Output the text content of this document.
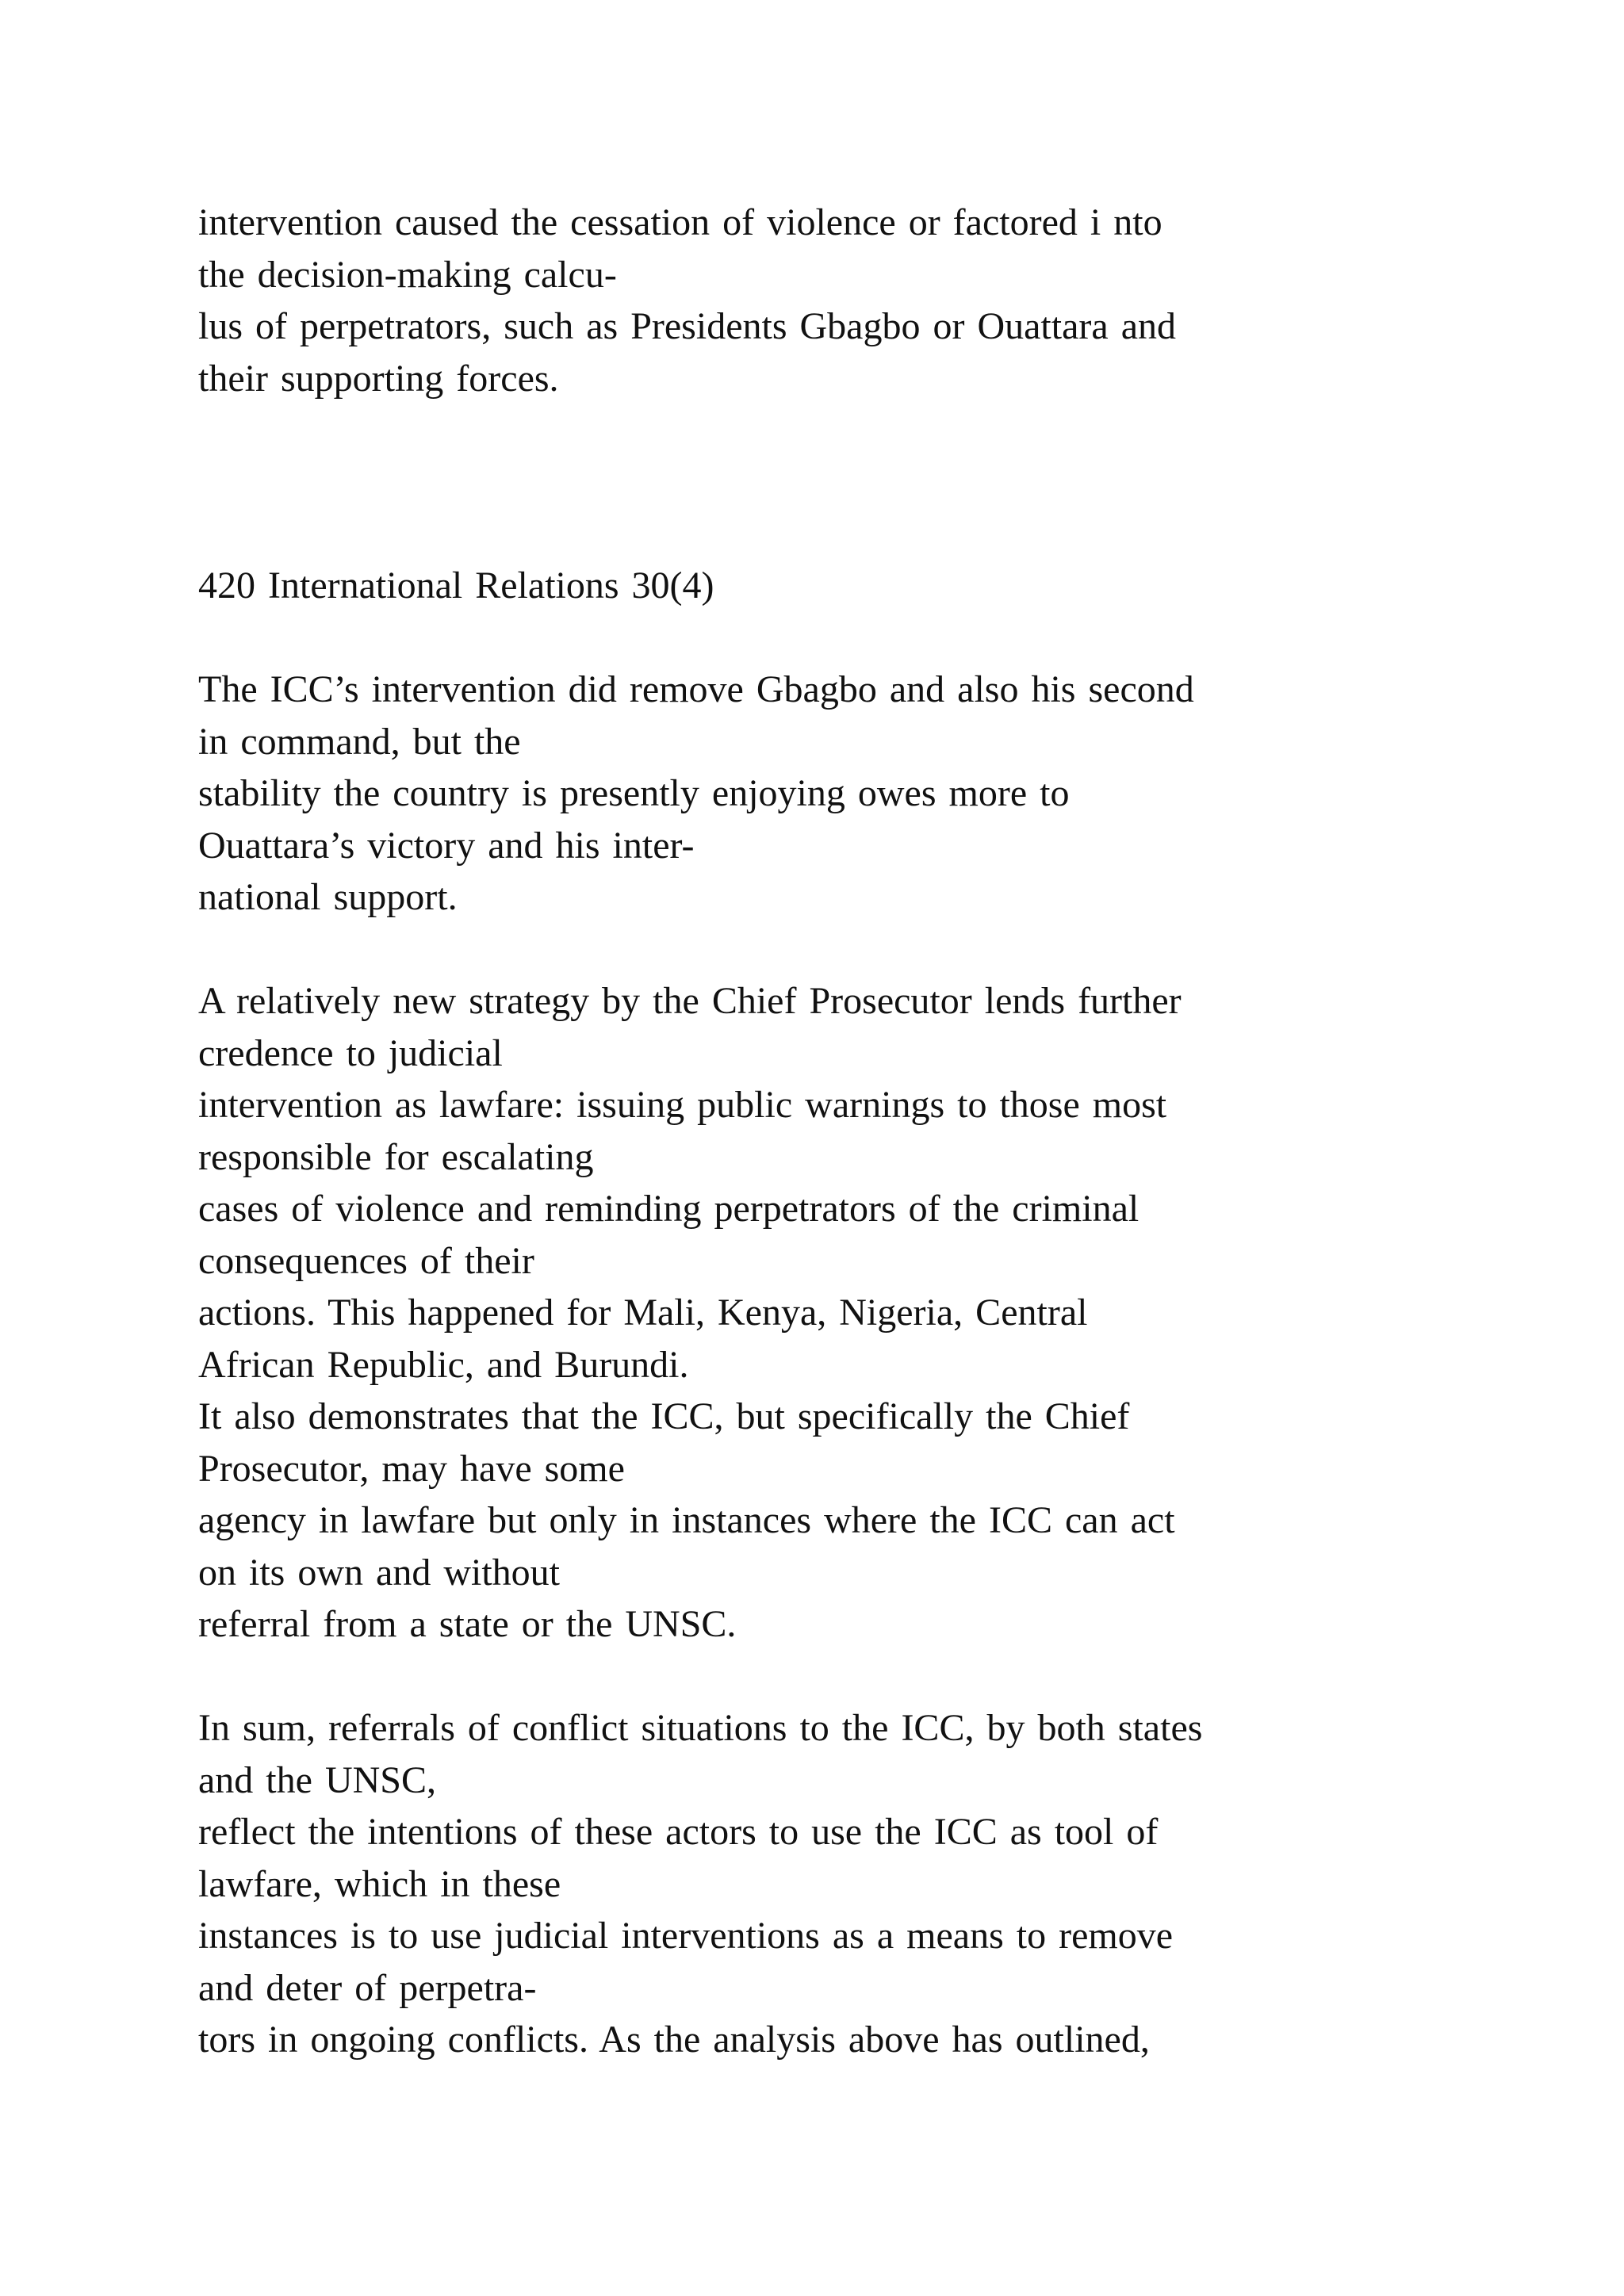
intervention caused the cessation of violence or factored i nto
the decision-making calcu-
lus of perpetrators, such as Presidents Gbagbo or Ouattara and
their supporting forces.
420 International Relations 30(4)
The ICC’s intervention did remove Gbagbo and also his second
in command, but the
stability the country is presently enjoying owes more to
Ouattara’s victory and his inter-
national support.
A relatively new strategy by the Chief Prosecutor lends further
credence to judicial
intervention as lawfare: issuing public warnings to those most
responsible for escalating
cases of violence and reminding perpetrators of the criminal
consequences of their
actions. This happened for Mali, Kenya, Nigeria, Central
African Republic, and Burundi.
It also demonstrates that the ICC, but specifically the Chief
Prosecutor, may have some
agency in lawfare but only in instances where the ICC can act
on its own and without
referral from a state or the UNSC.
In sum, referrals of conflict situations to the ICC, by both states
and the UNSC,
reflect the intentions of these actors to use the ICC as tool of
lawfare, which in these
instances is to use judicial interventions as a means to remove
and deter of perpetra-
tors in ongoing conflicts. As the analysis above has outlined,
